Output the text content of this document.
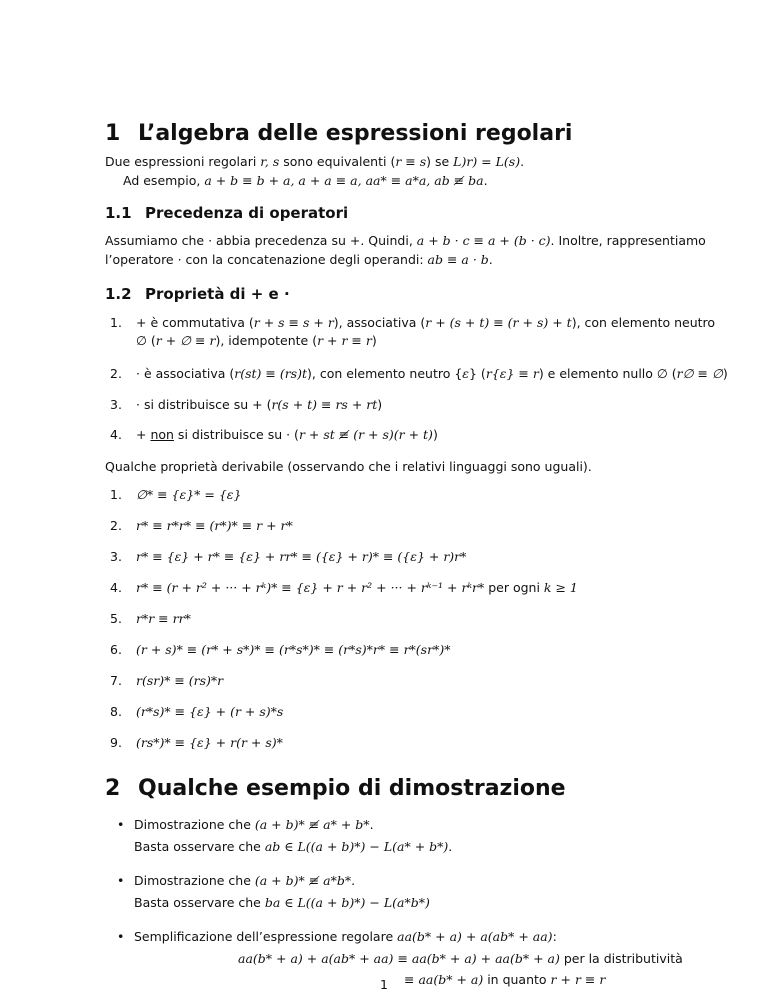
1 L’algebra delle espressioni regolari
Due espressioni regolari r, s sono equivalenti (r ≡ s) se L)r) = L(s).
Ad esempio, a + b ≡ b + a, a + a ≡ a, aa* ≡ a*a, ab ≢ ba.
1.1 Precedenza di operatori
Assumiamo che · abbia precedenza su +. Quindi, a + b · c ≡ a + (b · c). Inoltre, rappresentiamo
l’operatore · con la concatenazione degli operandi: ab ≡ a · b.
1.2 Proprietà di + e ·
1. + è commutativa (r + s ≡ s + r), associativa (r + (s + t) ≡ (r + s) + t), con elemento neutro
∅ (r + ∅ ≡ r), idempotente (r + r ≡ r)
2. · è associativa (r(st) ≡ (rs)t), con elemento neutro {ε} (r{ε} ≡ r) e elemento nullo ∅ (r∅ ≡ ∅)
3. · si distribuisce su + (r(s + t) ≡ rs + rt)
4. + non si distribuisce su · (r + st ≢ (r + s)(r + t))
Qualche proprietà derivabile (osservando che i relativi linguaggi sono uguali).
1. ∅* ≡ {ε}* = {ε}
2. r* ≡ r*r* ≡ (r*)* ≡ r + r*
3. r* ≡ {ε} + r* ≡ {ε} + rr* ≡ ({ε} + r)* ≡ ({ε} + r)r*
4. r* ≡ (r + r² + ··· + rᵏ)* ≡ {ε} + r + r² + ··· + rᵏ⁻¹ + rᵏr* per ogni k ≥ 1
5. r*r ≡ rr*
6. (r + s)* ≡ (r* + s*)* ≡ (r*s*)* ≡ (r*s)*r* ≡ r*(sr*)*
7. r(sr)* ≡ (rs)*r
8. (r*s)* ≡ {ε} + (r + s)*s
9. (rs*)* ≡ {ε} + r(r + s)*
2 Qualche esempio di dimostrazione
• Dimostrazione che (a + b)* ≢ a* + b*.
Basta osservare che ab ∈ L((a + b)*) − L(a* + b*).
• Dimostrazione che (a + b)* ≢ a*b*.
Basta osservare che ba ∈ L((a + b)*) − L(a*b*)
• Semplificazione dell’espressione regolare aa(b* + a) + a(ab* + aa):
aa(b* + a) + a(ab* + aa) ≡ aa(b* + a) + aa(b* + a) per la distributività
≡ aa(b* + a) in quanto r + r ≡ r
1
